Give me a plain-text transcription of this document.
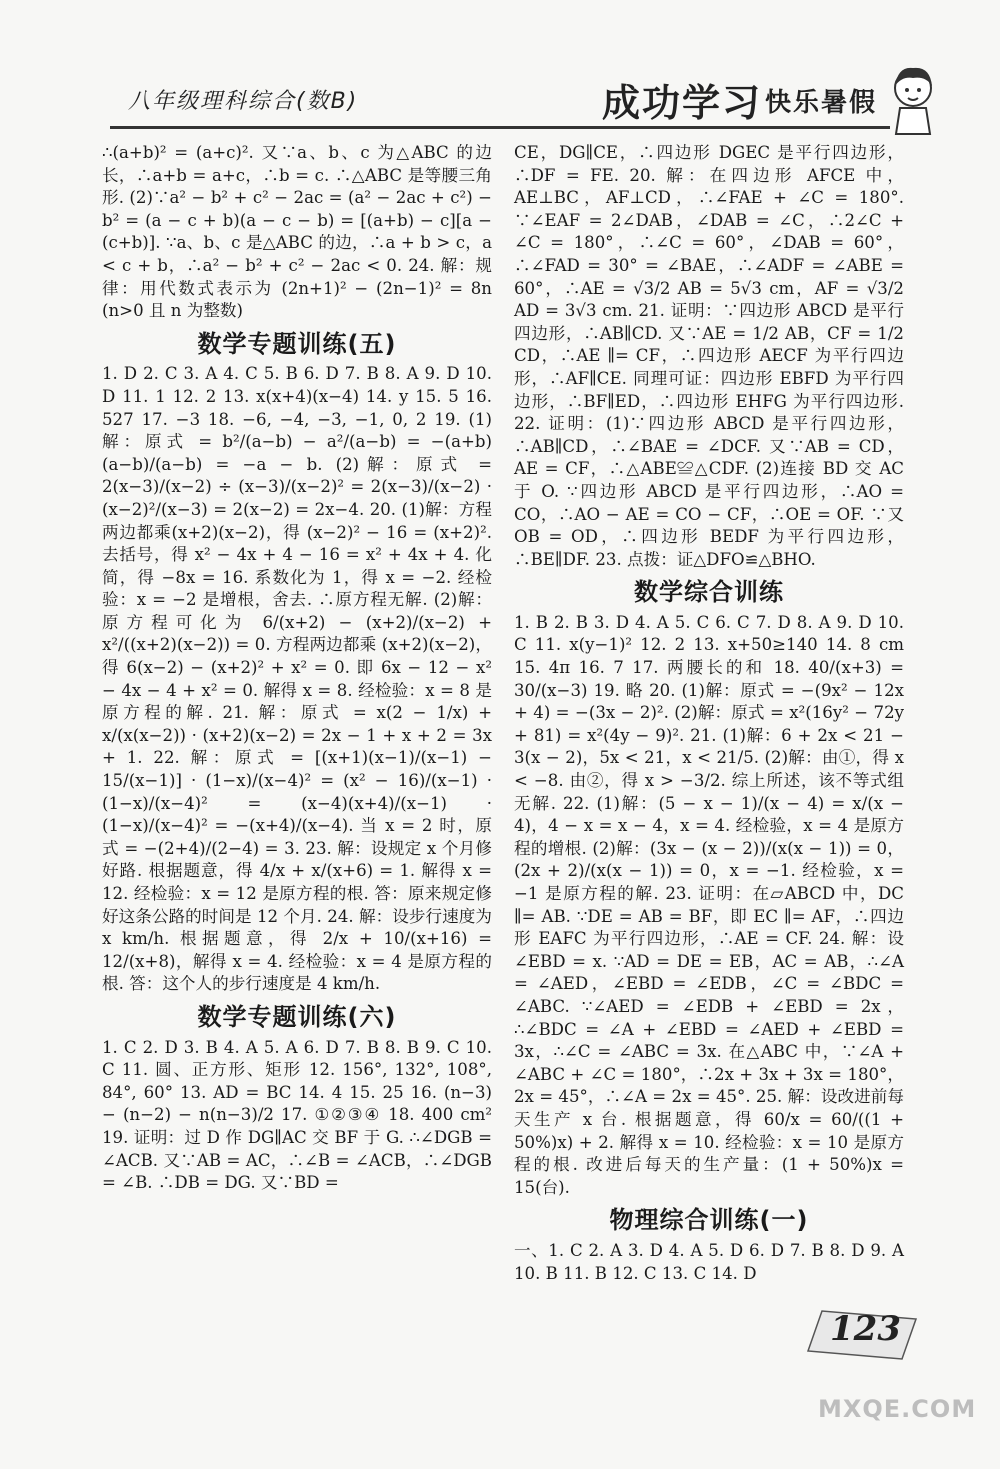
八年级理科综合(数B)	成功学习 快乐暑假

∴(a+b)² = (a+c)². 又∵a、b、c 为△ABC 的边长，∴a+b = a+c，∴b = c. ∴△ABC 是等腰三角形. (2)∵a² − b² + c² − 2ac = (a² − 2ac + c²) − b² = (a − c + b)(a − c − b) = [(a+b) − c][a − (c+b)]. ∵a、b、c 是△ABC 的边，∴a + b > c，a < c + b，∴a² − b² + c² − 2ac < 0. 24. 解：规律：用代数式表示为 (2n+1)² − (2n−1)² = 8n (n>0 且 n 为整数)

数学专题训练(五)

1. D 2. C 3. A 4. C 5. B 6. D 7. B 8. A 9. D 10. D 11. 1 12. 2 13. x(x+4)(x−4) 14. y 15. 5 16. 527 17. −3 18. −6, −4, −3, −1, 0, 2 19. (1)解：原式 = b²/(a−b) − a²/(a−b) = −(a+b)(a−b)/(a−b) = −a − b. (2)解：原式 = 2(x−3)/(x−2) ÷ (x−3)/(x−2)² = 2(x−3)/(x−2) · (x−2)²/(x−3) = 2(x−2) = 2x−4. 20. (1)解：方程两边都乘(x+2)(x−2)，得 (x−2)² − 16 = (x+2)². 去括号，得 x² − 4x + 4 − 16 = x² + 4x + 4. 化简，得 −8x = 16. 系数化为 1，得 x = −2. 经检验：x = −2 是增根，舍去. ∴原方程无解. (2)解：原方程可化为 6/(x+2) − (x+2)/(x−2) + x²/((x+2)(x−2)) = 0. 方程两边都乘 (x+2)(x−2)，得 6(x−2) − (x+2)² + x² = 0. 即 6x − 12 − x² − 4x − 4 + x² = 0. 解得 x = 8. 经检验：x = 8 是原方程的解. 21. 解：原式 = x(2 − 1/x) + x/(x(x−2)) · (x+2)(x−2) = 2x − 1 + x + 2 = 3x + 1. 22. 解：原式 = [(x+1)(x−1)/(x−1) − 15/(x−1)] · (1−x)/(x−4)² = (x² − 16)/(x−1) · (1−x)/(x−4)² = (x−4)(x+4)/(x−1) · (1−x)/(x−4)² = −(x+4)/(x−4). 当 x = 2 时，原式 = −(2+4)/(2−4) = 3. 23. 解：设规定 x 个月修好路. 根据题意，得 4/x + x/(x+6) = 1. 解得 x = 12. 经检验：x = 12 是原方程的根. 答：原来规定修好这条公路的时间是 12 个月. 24. 解：设步行速度为 x km/h. 根据题意，得 2/x + 10/(x+16) = 12/(x+8)，解得 x = 4. 经检验：x = 4 是原方程的根. 答：这个人的步行速度是 4 km/h.

数学专题训练(六)

1. C 2. D 3. B 4. A 5. A 6. D 7. B 8. B 9. C 10. C 11. 圆、正方形、矩形 12. 156°, 132°, 108°, 84°, 60° 13. AD = BC 14. 4 15. 25 16. (n−3) − (n−2) − n(n−3)/2 17. ①②③④ 18. 400 cm² 19. 证明：过 D 作 DG∥AC 交 BF 于 G. ∴∠DGB = ∠ACB. 又∵AB = AC，∴∠B = ∠ACB，∴∠DGB = ∠B. ∴DB = DG. 又∵BD =

CE，DG∥CE，∴四边形 DGEC 是平行四边形，∴DF = FE. 20. 解：在四边形 AFCE 中，AE⊥BC，AF⊥CD，∴∠FAE + ∠C = 180°. ∵∠EAF = 2∠DAB，∠DAB = ∠C，∴2∠C + ∠C = 180°，∴∠C = 60°，∠DAB = 60°，∴∠FAD = 30° = ∠BAE，∴∠ADF = ∠ABE = 60°，∴AE = √3/2 AB = 5√3 cm，AF = √3/2 AD = 3√3 cm. 21. 证明：∵四边形 ABCD 是平行四边形，∴AB∥CD. 又∵AE = 1/2 AB，CF = 1/2 CD，∴AE ∥= CF，∴四边形 AECF 为平行四边形，∴AF∥CE. 同理可证：四边形 EBFD 为平行四边形，∴BF∥ED，∴四边形 EHFG 为平行四边形. 22. 证明：(1)∵四边形 ABCD 是平行四边形，∴AB∥CD，∴∠BAE = ∠DCF. 又∵AB = CD，AE = CF，∴△ABE≌△CDF. (2)连接 BD 交 AC 于 O. ∵四边形 ABCD 是平行四边形，∴AO = CO，∴AO − AE = CO − CF，∴OE = OF. ∵又 OB = OD，∴四边形 BEDF 为平行四边形，∴BE∥DF. 23. 点拨：证△DFO≌△BHO.

数学综合训练

1. B 2. B 3. D 4. A 5. C 6. C 7. D 8. A 9. D 10. C 11. x(y−1)² 12. 2 13. x+50≥140 14. 8 cm 15. 4π 16. 7 17. 两腰长的和 18. 40/(x+3) = 30/(x−3) 19. 略 20. (1)解：原式 = −(9x² − 12x + 4) = −(3x − 2)². (2)解：原式 = x²(16y² − 72y + 81) = x²(4y − 9)². 21. (1)解：6 + 2x < 21 − 3(x − 2)，5x < 21，x < 21/5. (2)解：由①，得 x < −8. 由②，得 x > −3/2. 综上所述，该不等式组无解. 22. (1)解：(5 − x − 1)/(x − 4) = x/(x − 4)，4 − x = x − 4，x = 4. 经检验，x = 4 是原方程的增根. (2)解：(3x − (x − 2))/(x(x − 1)) = 0，(2x + 2)/(x(x − 1)) = 0，x = −1. 经检验，x = −1 是原方程的解. 23. 证明：在▱ABCD 中，DC ∥= AB. ∵DE = AB = BF，即 EC ∥= AF，∴四边形 EAFC 为平行四边形，∴AE = CF. 24. 解：设 ∠EBD = x. ∵AD = DE = EB，AC = AB，∴∠A = ∠AED，∠EBD = ∠EDB，∠C = ∠BDC = ∠ABC. ∵∠AED = ∠EDB + ∠EBD = 2x，∴∠BDC = ∠A + ∠EBD = ∠AED + ∠EBD = 3x，∴∠C = ∠ABC = 3x. 在△ABC 中，∵∠A + ∠ABC + ∠C = 180°，∴2x + 3x + 3x = 180°，2x = 45°，∴∠A = 2x = 45°. 25. 解：设改进前每天生产 x 台. 根据题意，得 60/x = 60/((1 + 50%)x) + 2. 解得 x = 10. 经检验：x = 10 是原方程的根. 改进后每天的生产量：(1 + 50%)x = 15(台).

物理综合训练(一)

一、1. C 2. A 3. D 4. A 5. D 6. D 7. B 8. D 9. A 10. B 11. B 12. C 13. C 14. D

123
MXQE.COM
